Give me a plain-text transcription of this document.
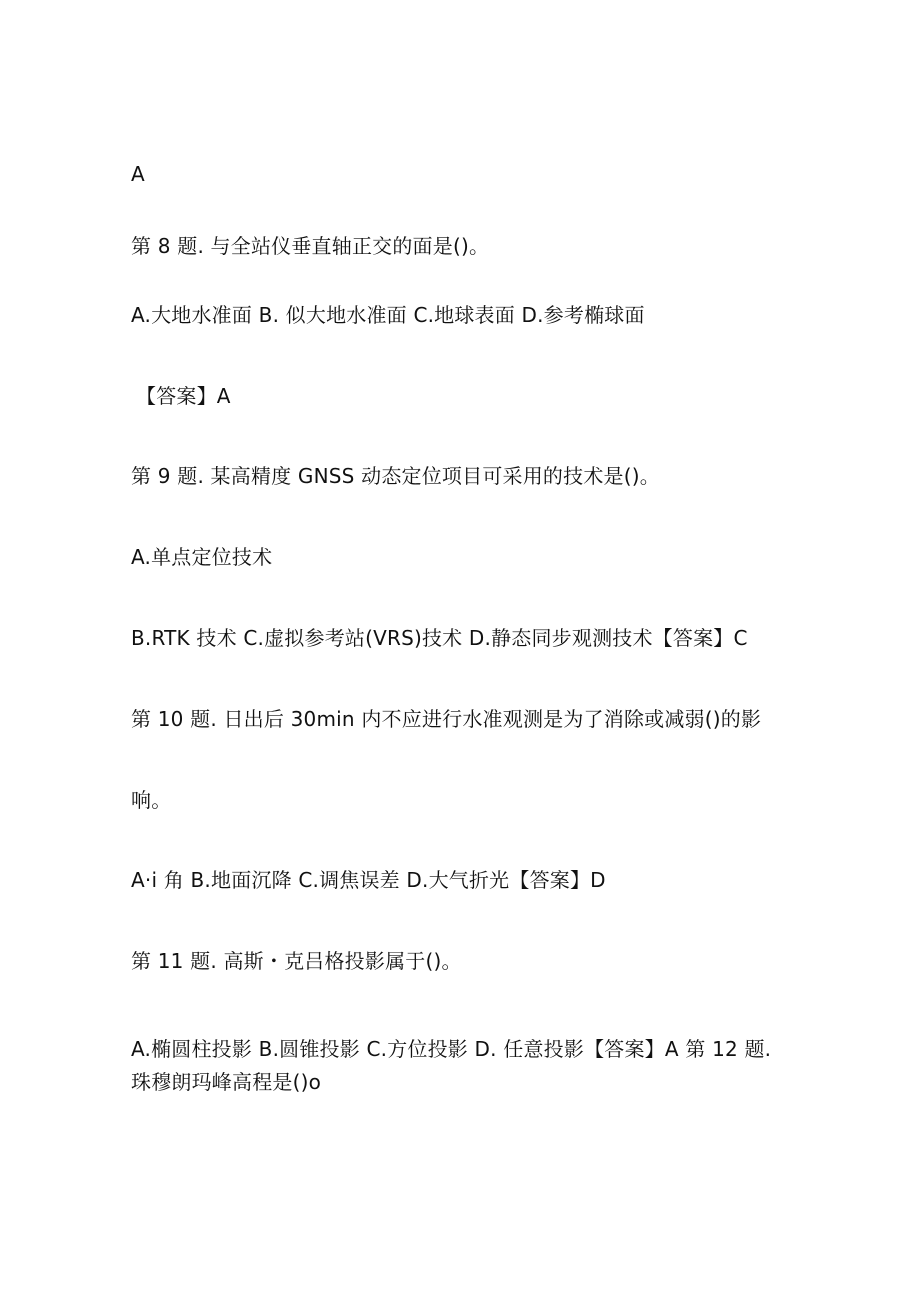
A
第 8 题. 与全站仪垂直轴正交的面是()。
A.大地水准面 B. 似大地水准面 C.地球表面 D.参考椭球面
【答案】A
第 9 题. 某高精度 GNSS 动态定位项目可采用的技术是()。
A.单点定位技术
B.RTK 技术 C.虚拟参考站(VRS)技术 D.静态同步观测技术【答案】C
第 10 题. 日出后 30min 内不应进行水准观测是为了消除或减弱()的影
响。
A·i 角 B.地面沉降 C.调焦误差 D.大气折光【答案】D
第 11 题. 高斯・克吕格投影属于()。
A.椭圆柱投影 B.圆锥投影 C.方位投影 D. 任意投影【答案】A 第 12 题.
珠穆朗玛峰高程是()o
